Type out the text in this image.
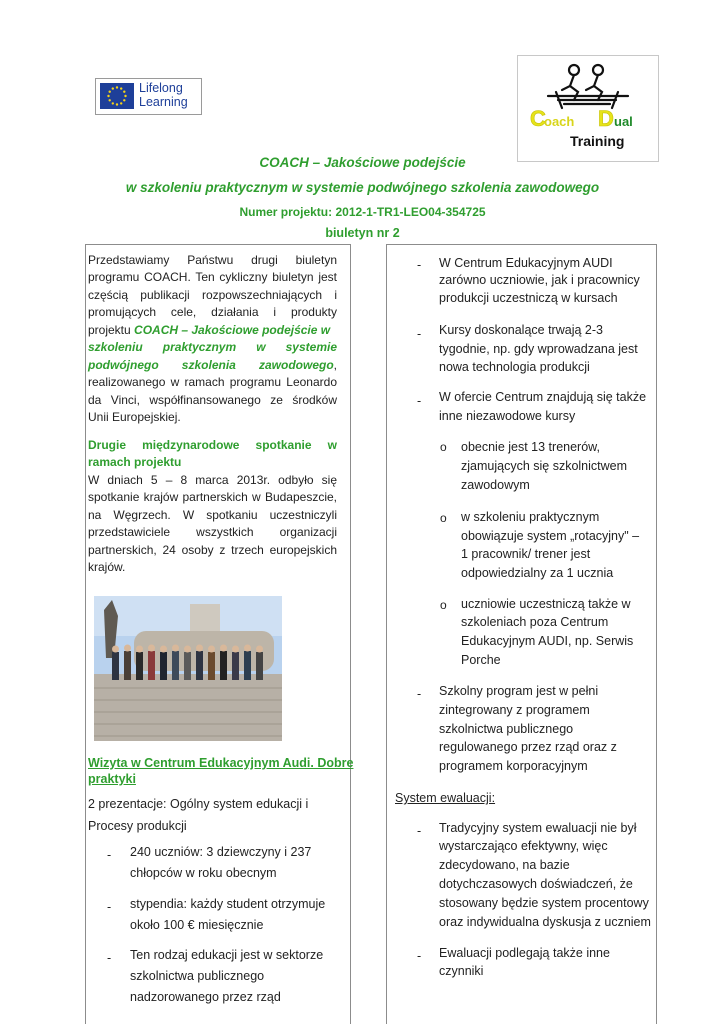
Lifelong
Learning
C
oach D ual
Training
COACH – Jakościowe podejście
w szkoleniu praktycznym w systemie podwójnego szkolenia zawodowego
Numer projektu: 2012-1-TR1-LEO04-354725
biuletyn nr 2
Przedstawiamy Państwu drugi biuletyn
programu COACH. Ten cykliczny biuletyn jest
częścią publikacji rozpowszechniających i
promujących cele, działania i produkty
projektu COACH – Jakościowe podejście w
szkoleniu praktycznym w systemie
podwójnego szkolenia zawodowego,
realizowanego w ramach programu Leonardo
da Vinci, współfinansowanego ze środków
Unii Europejskiej.
Drugie międzynarodowe spotkanie w
ramach projektu
W dniach 5 – 8 marca 2013r. odbyło się
spotkanie krajów partnerskich w Budapeszcie,
na Węgrzech. W spotkaniu uczestniczyli
przedstawiciele wszystkich organizacji
partnerskich, 24 osoby z trzech europejskich
krajów.
Wizyta w Centrum Edukacyjnym Audi. Dobre
praktyki
2 prezentacje: Ogólny system edukacji i
Procesy produkcji
- 240 uczniów: 3 dziewczyny i 237
chłopców w roku obecnym
- stypendia: każdy student otrzymuje
około 100 € miesięcznie
- Ten rodzaj edukacji jest w sektorze
szkolnictwa publicznego
nadzorowanego przez rząd
- W Centrum Edukacyjnym AUDI
zarówno uczniowie, jak i pracownicy
produkcji uczestniczą w kursach
- Kursy doskonalące trwają 2-3
tygodnie, np. gdy wprowadzana jest
nowa technologia produkcji
- W ofercie Centrum znajdują się także
inne niezawodowe kursy
o obecnie jest 13 trenerów,
zjamujących się szkolnictwem
zawodowym
o w szkoleniu praktycznym
obowiązuje system „rotacyjny" –
1 pracownik/ trener jest
odpowiedzialny za 1 ucznia
o uczniowie uczestniczą także w
szkoleniach poza Centrum
Edukacyjnym AUDI, np. Serwis
Porche
- Szkolny program jest w pełni
zintegrowany z programem
szkolnictwa publicznego
regulowanego przez rząd oraz z
programem korporacyjnym
System ewaluacji:
- Tradycyjny system ewaluacji nie był
wystarczająco efektywny, więc
zdecydowano, na bazie
dotychczasowych doświadczeń, że
stosowany będzie system procentowy
oraz indywidualna dyskusja z uczniem
- Ewaluacji podlegają także inne
czynniki
